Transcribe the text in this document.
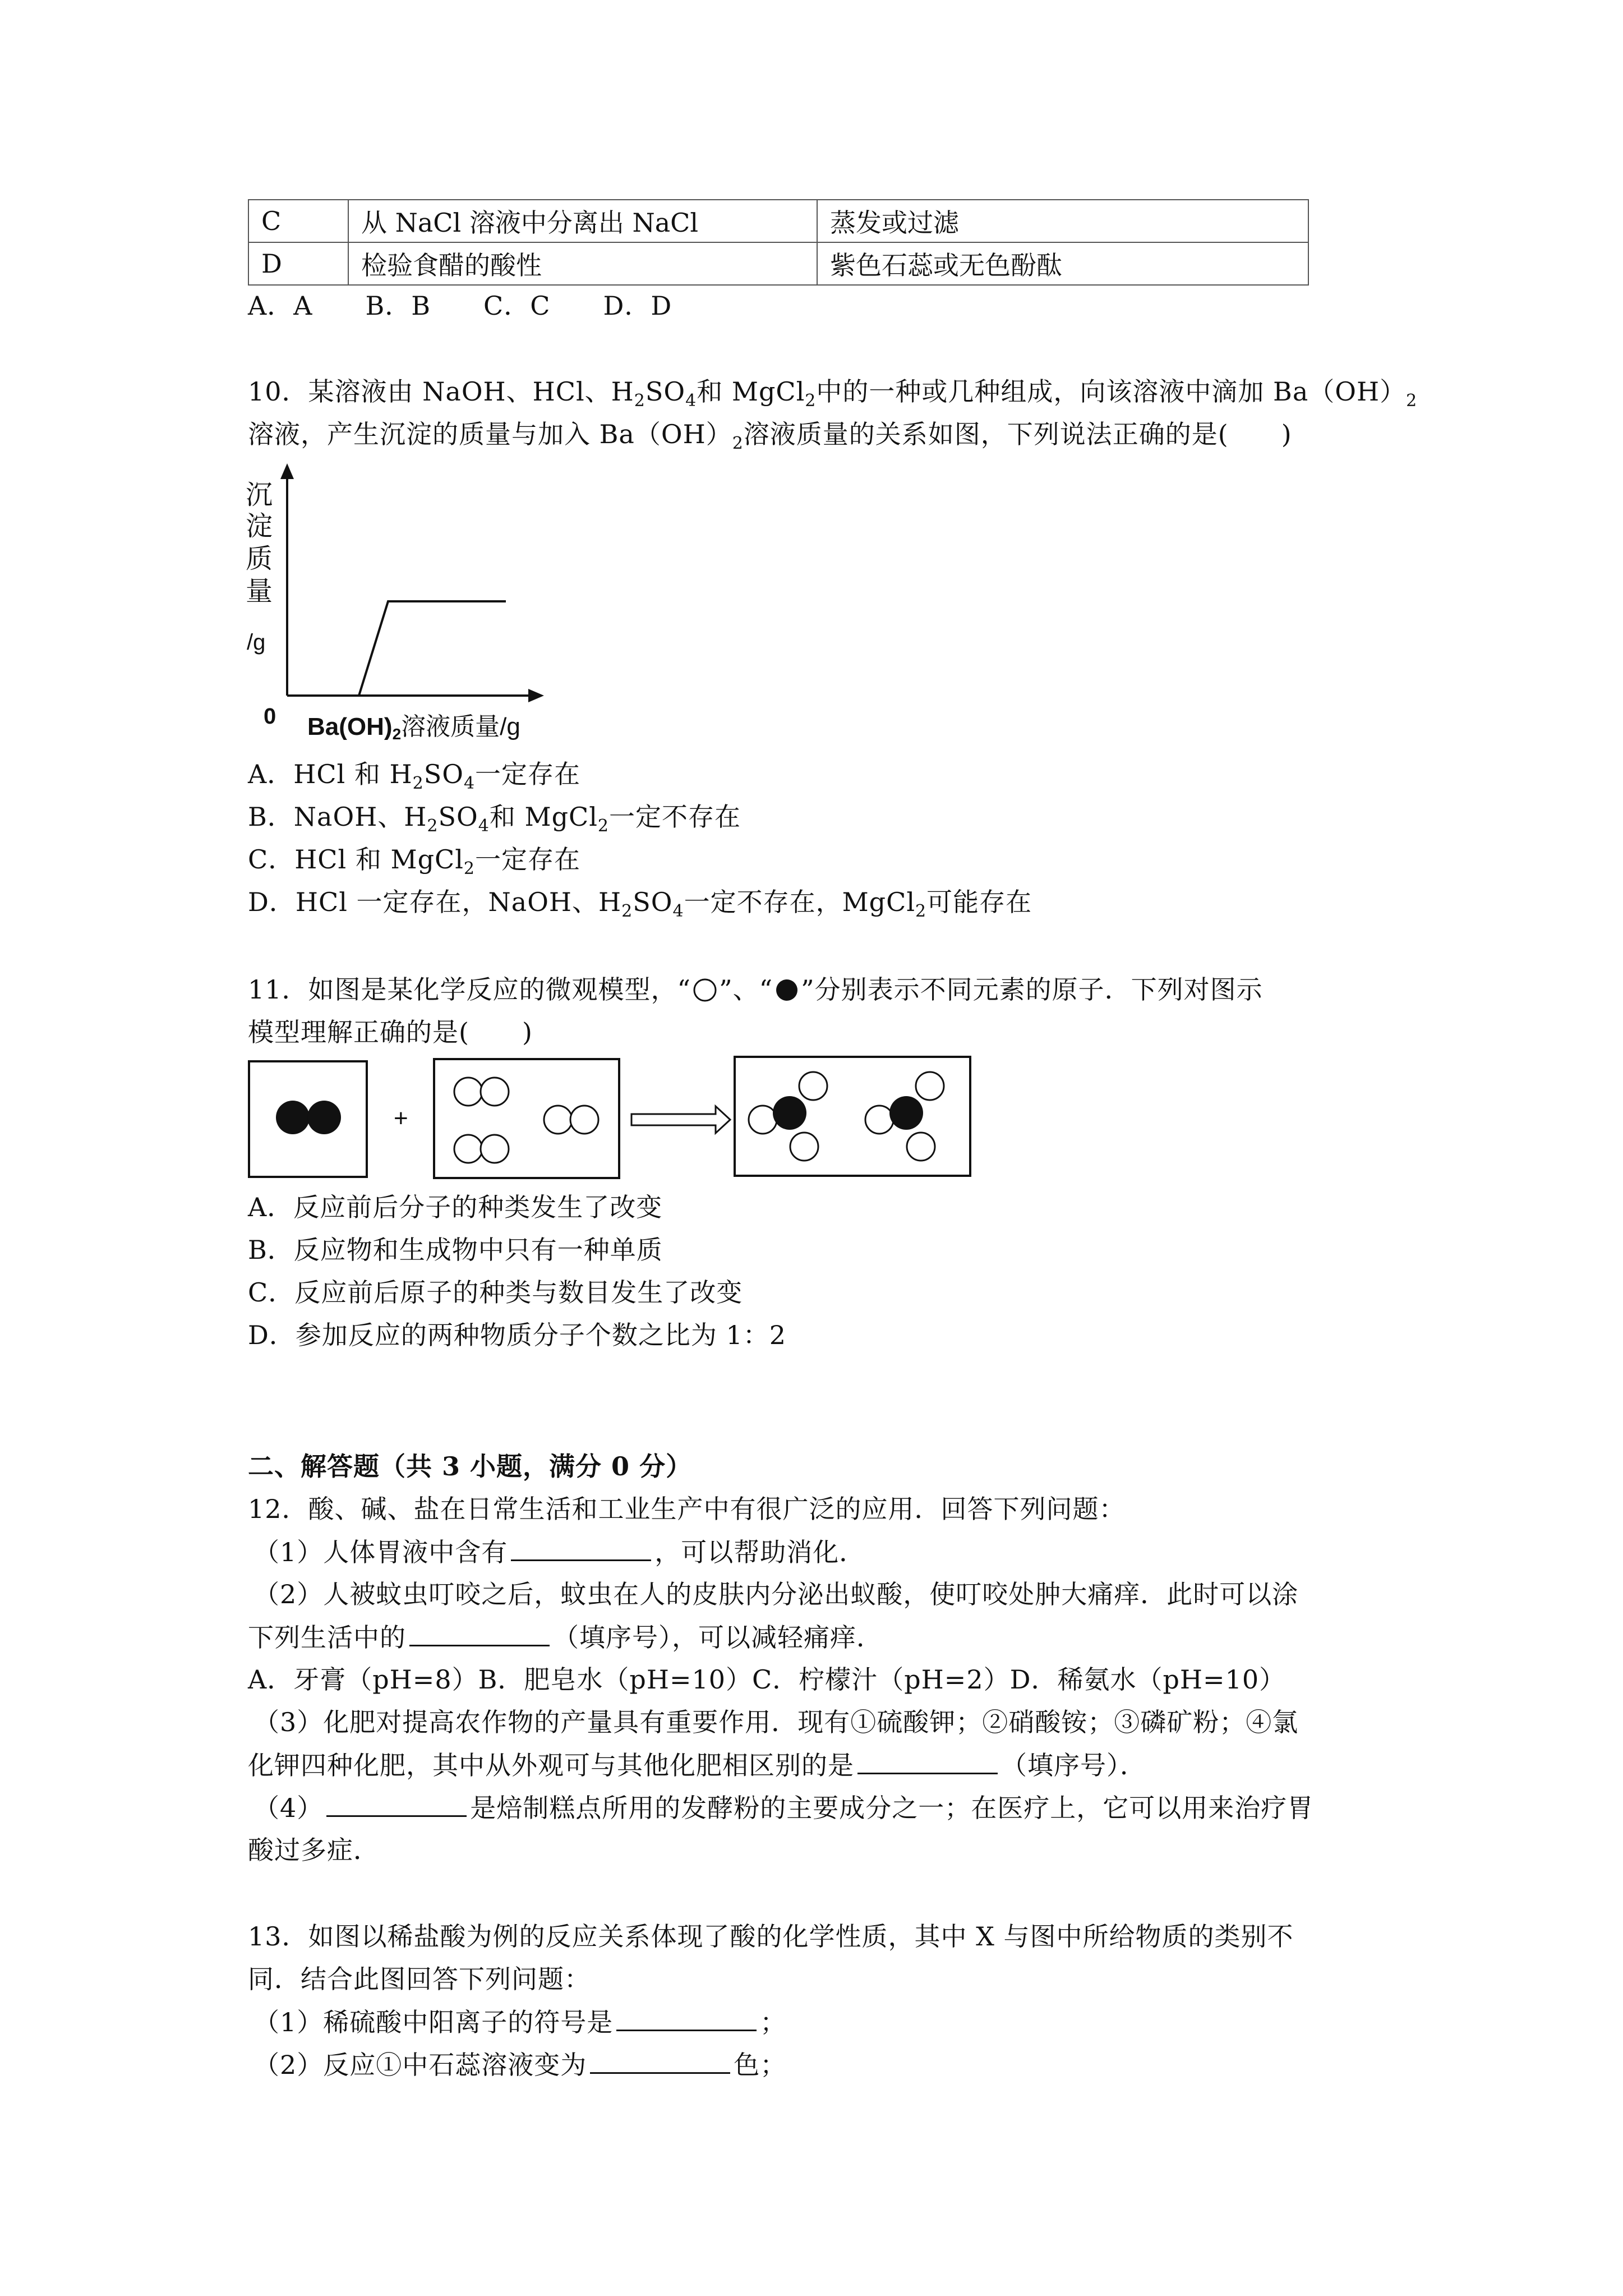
C	从 NaCl 溶液中分离出 NaCl	蒸发或过滤
D	检验食醋的酸性	紫色石蕊或无色酚酞
A．A　　B．B　　C．C　　D．D
10．某溶液由 NaOH、HCl、$H_2SO_4$和 MgCl$_2$中的一种或几种组成，向该溶液中滴加 $Ba(OH)_2$
溶液，产生沉淀的质量与加入 $Ba(OH)_2$溶液质量的关系如图，下列说法正确的是(　　)
沉
淀
质
量
/g
0 Ba(OH)2溶液质量/g
A．HCl 和 $H_2SO_4$一定存在
B．NaOH、$H_2SO_4$和 MgCl$_2$一定不存在
C．HCl 和 MgCl$_2$一定存在
D．HCl 一定存在，NaOH、$H_2SO_4$一定不存在，MgCl$_2$可能存在
11．如图是某化学反应的微观模型，“ ”、“ ”分别表示不同元素的原子．下列对图示
模型理解正确的是(　　)
+
A．反应前后分子的种类发生了改变
B．反应物和生成物中只有一种单质
C．反应前后原子的种类与数目发生了改变
D．参加反应的两种物质分子个数之比为 1：2
二、解答题（共 3 小题，满分 0 分）
12．酸、碱、盐在日常生活和工业生产中有很广泛的应用．回答下列问题：
（1）人体胃液中含有	，可以帮助消化．
（2）人被蚊虫叮咬之后，蚊虫在人的皮肤内分泌出蚁酸，使叮咬处肿大痛痒．此时可以涂
下列生活中的	（填序号），可以减轻痛痒．
A．牙膏（pH=8）B．肥皂水（pH=10）C．柠檬汁（pH=2）D．稀氨水（pH=10）
（3）化肥对提高农作物的产量具有重要作用．现有①硫酸钾；②硝酸铵；③磷矿粉；④氯
化钾四种化肥，其中从外观可与其他化肥相区别的是	（填序号）．
（4）	是焙制糕点所用的发酵粉的主要成分之一；在医疗上，它可以用来治疗胃
酸过多症．
13．如图以稀盐酸为例的反应关系体现了酸的化学性质，其中 X 与图中所给物质的类别不
同．结合此图回答下列问题：
（1）稀硫酸中阳离子的符号是	；
（2）反应①中石蕊溶液变为	色；
